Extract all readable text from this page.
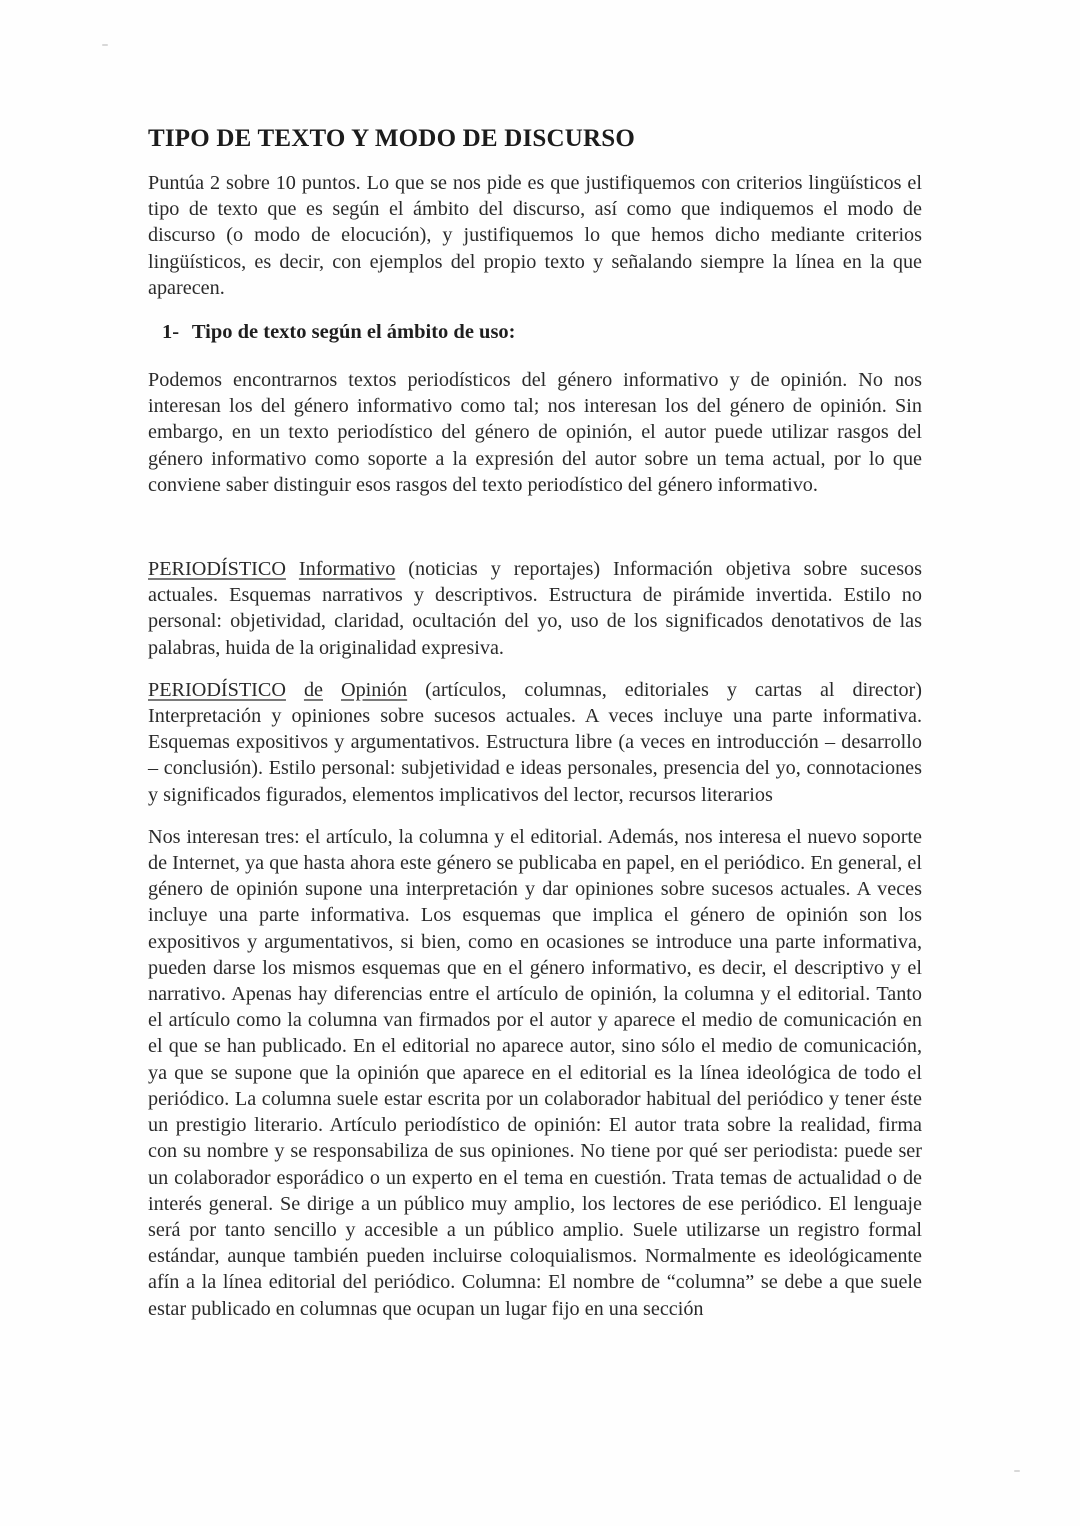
TIPO DE TEXTO Y MODO DE DISCURSO

Puntúa 2 sobre 10 puntos. Lo que se nos pide es que justifiquemos con criterios lingüísticos el tipo de texto que es según el ámbito del discurso, así como que indiquemos el modo de discurso (o modo de elocución), y justifiquemos lo que hemos dicho mediante criterios lingüísticos, es decir, con ejemplos del propio texto y señalando siempre la línea en la que aparecen.

1- Tipo de texto según el ámbito de uso:

Podemos encontrarnos textos periodísticos del género informativo y de opinión. No nos interesan los del género informativo como tal; nos interesan los del género de opinión. Sin embargo, en un texto periodístico del género de opinión, el autor puede utilizar rasgos del género informativo como soporte a la expresión del autor sobre un tema actual, por lo que conviene saber distinguir esos rasgos del texto periodístico del género informativo.

PERIODÍSTICO Informativo (noticias y reportajes) Información objetiva sobre sucesos actuales. Esquemas narrativos y descriptivos. Estructura de pirámide invertida. Estilo no personal: objetividad, claridad, ocultación del yo, uso de los significados denotativos de las palabras, huida de la originalidad expresiva.

PERIODÍSTICO de Opinión (artículos, columnas, editoriales y cartas al director) Interpretación y opiniones sobre sucesos actuales. A veces incluye una parte informativa. Esquemas expositivos y argumentativos. Estructura libre (a veces en introducción – desarrollo – conclusión). Estilo personal: subjetividad e ideas personales, presencia del yo, connotaciones y significados figurados, elementos implicativos del lector, recursos literarios

Nos interesan tres: el artículo, la columna y el editorial. Además, nos interesa el nuevo soporte de Internet, ya que hasta ahora este género se publicaba en papel, en el periódico. En general, el género de opinión supone una interpretación y dar opiniones sobre sucesos actuales. A veces incluye una parte informativa. Los esquemas que implica el género de opinión son los expositivos y argumentativos, si bien, como en ocasiones se introduce una parte informativa, pueden darse los mismos esquemas que en el género informativo, es decir, el descriptivo y el narrativo. Apenas hay diferencias entre el artículo de opinión, la columna y el editorial. Tanto el artículo como la columna van firmados por el autor y aparece el medio de comunicación en el que se han publicado. En el editorial no aparece autor, sino sólo el medio de comunicación, ya que se supone que la opinión que aparece en el editorial es la línea ideológica de todo el periódico. La columna suele estar escrita por un colaborador habitual del periódico y tener éste un prestigio literario. Artículo periodístico de opinión: El autor trata sobre la realidad, firma con su nombre y se responsabiliza de sus opiniones. No tiene por qué ser periodista: puede ser un colaborador esporádico o un experto en el tema en cuestión. Trata temas de actualidad o de interés general. Se dirige a un público muy amplio, los lectores de ese periódico. El lenguaje será por tanto sencillo y accesible a un público amplio. Suele utilizarse un registro formal estándar, aunque también pueden incluirse coloquialismos. Normalmente es ideológicamente afín a la línea editorial del periódico. Columna: El nombre de “columna” se debe a que suele estar publicado en columnas que ocupan un lugar fijo en una sección
